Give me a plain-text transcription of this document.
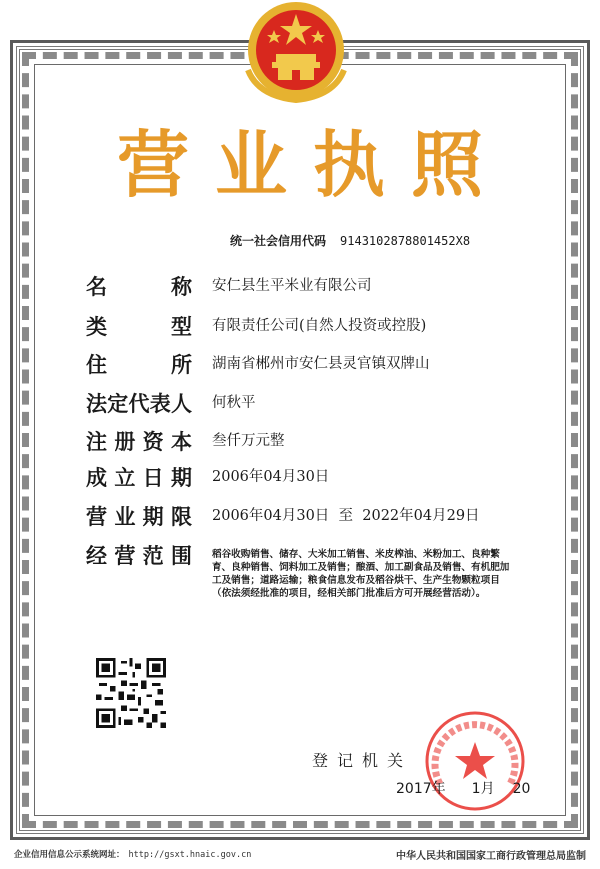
营业执照
统一社会信用代码 9143102878801452X8
名	称 安仁县生平米业有限公司
类	型 有限责任公司(自然人投资或控股)
住	所 湖南省郴州市安仁县灵官镇双牌山
法 定 代 表 人 何秋平
注 册 资 本 叁仟万元整
成 立 日 期 2006年04月30日
营 业 期 限 2006年04月30日  至  2022年04月29日
经 营 范 围 稻谷收购销售、储存、大米加工销售、米皮榨油、米粉加工、良种繁育、良种销售、饲料加工及销售；酿酒、加工副食品及销售、有机肥加工及销售；道路运输；粮食信息发布及稻谷烘干、生产生物颗粒项目（依法须经批准的项目，经相关部门批准后方可开展经营活动）。
登记机关
2017年 1月 20
企业信用信息公示系统网址： http://gsxt.hnaic.gov.cn	中华人民共和国国家工商行政管理总局监制
